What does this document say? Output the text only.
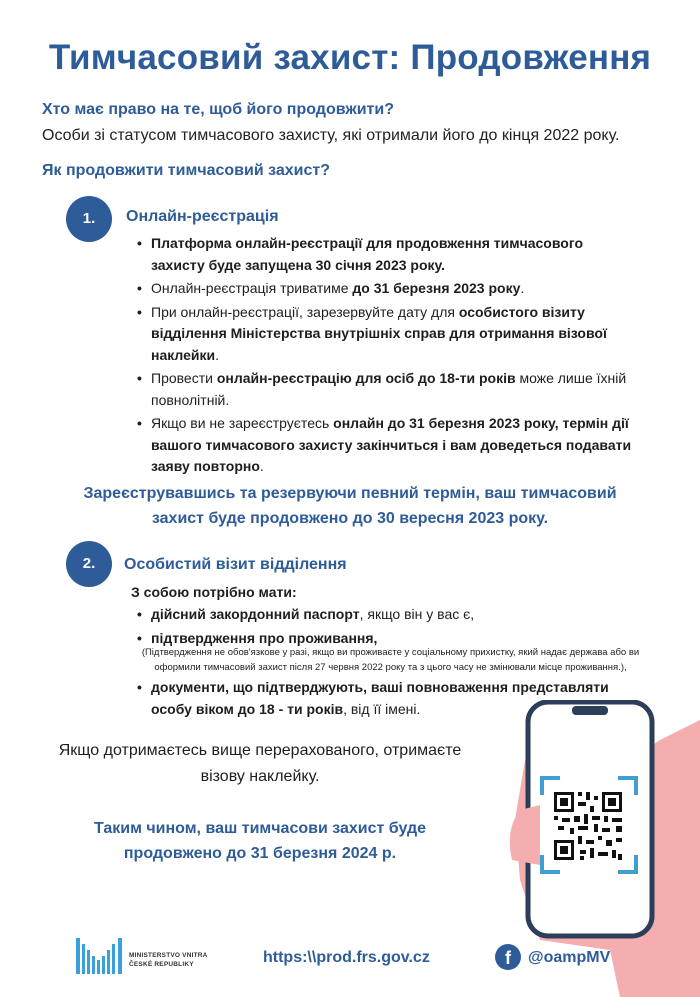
Тимчасовий захист: Продовження
Хто має право на те, щоб його продовжити?
Особи зі статусом тимчасового захисту, які отримали його до кінця 2022 року.
Як продовжити тимчасовий захист?
1.	Онлайн-реєстрація
• Платформа онлайн-реєстрації для продовження тимчасового захисту буде запущена 30 січня 2023 року.
• Онлайн-реєстрація триватиме до 31 березня 2023 року.
• При онлайн-реєстрації, зарезервуйте дату для особистого візиту відділення Міністерства внутрішніх справ для отримання візової наклейки.
• Провести онлайн-реєстрацію для осіб до 18-ти років може лише їхній повнолітній.
• Якщо ви не зареєструєтесь онлайн до 31 березня 2023 року, термін дії вашого тимчасового захисту закінчиться і вам доведеться подавати заяву повторно.
Зареєструвавшись та резервуючи певний термін, ваш тимчасовий захист буде продовжено до 30 вересня 2023 року.
2.	Особистий візит відділення
З собою потрібно мати:
• дійсний закордонний паспорт, якщо він у вас є,
• підтвердження про проживання,
(Підтвердження не обов'язкове у разі, якщо ви проживаєте у соціальному прихистку, який надає держава або ви оформили тимчасовий захист після 27 червня 2022 року та з цього часу не змінювали місце проживання.),
• документи, що підтверджують, ваші повноваження представляти особу віком до 18 - ти років, від її імені.
Якщо дотримаєтесь вище перерахованого, отримаєте візову наклейку.
Таким чином, ваш тимчасови захист буде продовжено до 31 березня 2024 р.
MINISTERSTVO VNITRA
ČESKÉ REPUBLIKY	https:\\prod.frs.gov.cz	f	@oampMV
